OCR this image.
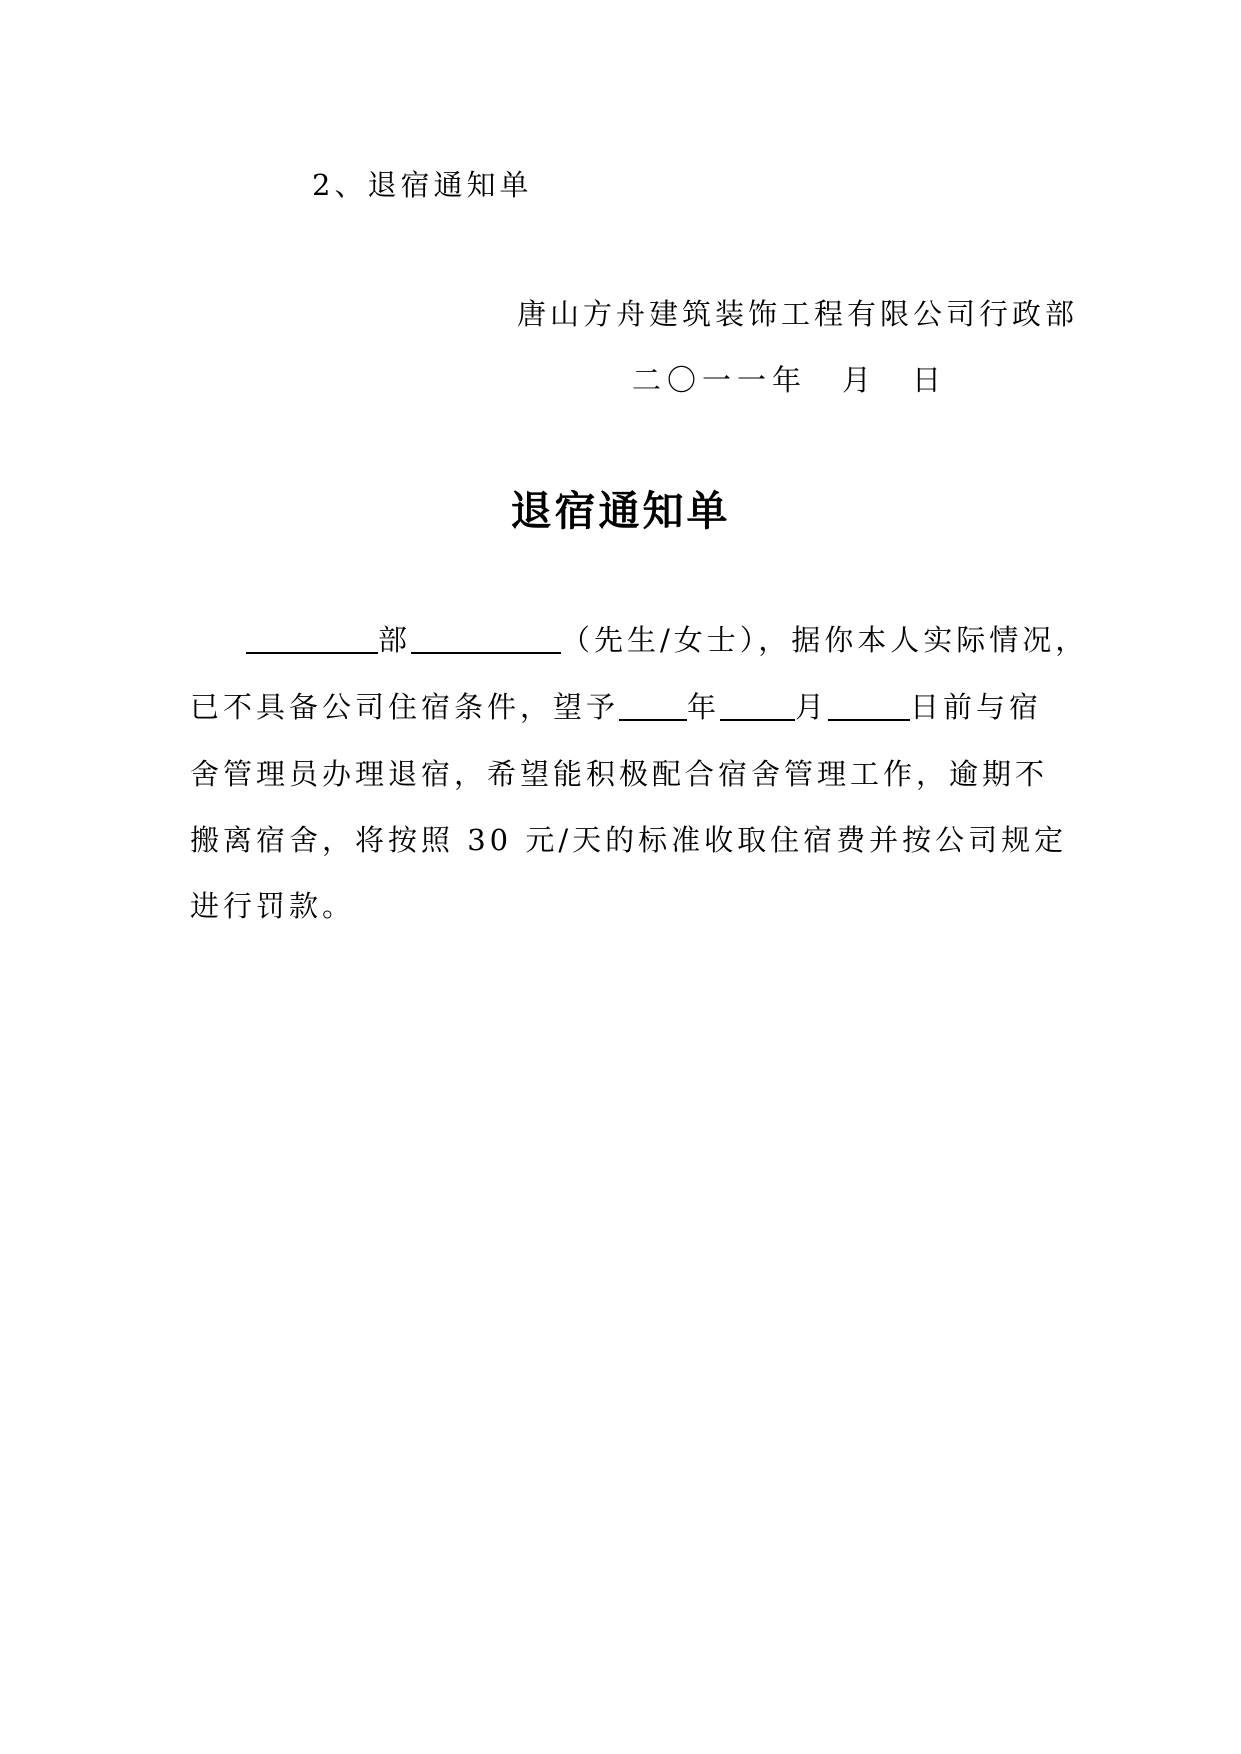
2、退宿通知单
唐山方舟建筑装饰工程有限公司行政部
二〇一一年　月　日
退宿通知单
部	（先生/女士），据你本人实际情况，
已不具备公司住宿条件，望予 年	月	日前与宿
舍管理员办理退宿，希望能积极配合宿舍管理工作，逾期不
搬离宿舍，将按照 30 元/天的标准收取住宿费并按公司规定
进行罚款。
